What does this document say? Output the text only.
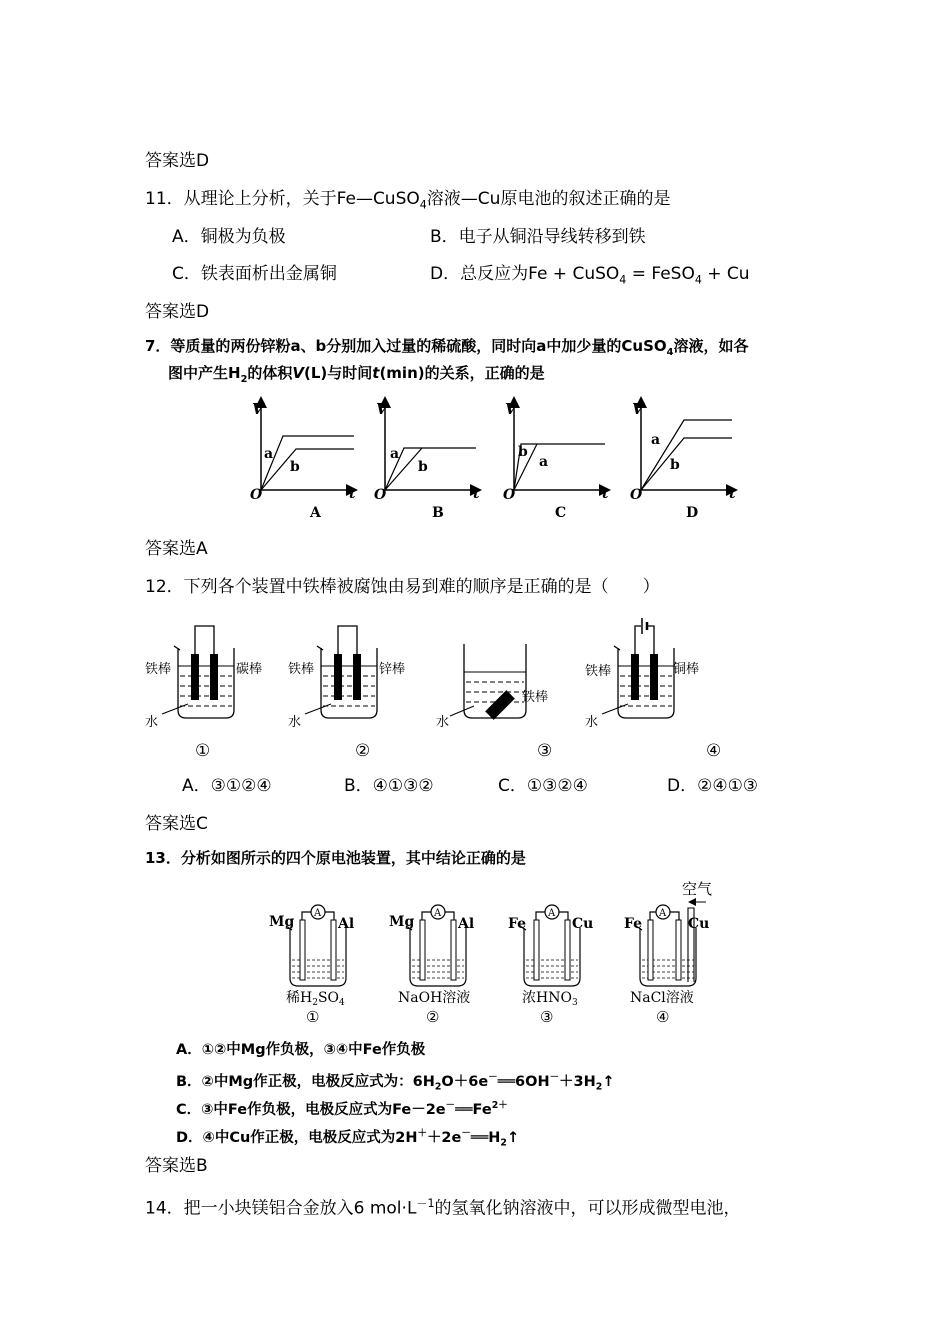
答案选D
11．从理论上分析，关于Fe—CuSO$_4$溶液—Cu原电池的叙述正确的是
A．铜极为负极	B．电子从铜沿导线转移到铁
C．铁表面析出金属铜	D．总反应为Fe + CuSO$_4$ = FeSO$_4$ + Cu
答案选D
7．等质量的两份锌粉a、b分别加入过量的稀硫酸，同时向a中加少量的CuSO$_4$溶液，如各
图中产生$H_2$的体积V(L)与时间t(min)的关系，正确的是
V
t
O
a
b
A
V
t
O
a
b
B
V
t
O
b
a
C
V
t
O
a
b
D
答案选A
12．下列各个装置中铁棒被腐蚀由易到难的顺序是正确的是（　　）
铁棒	碳棒
水
①
铁棒	锌棒
水
②
铁棒
水
③
铁棒	铜棒
水
④
A．③①②④	B．④①③②	C．①③②④	D．②④①③
答案选C
13．分析如图所示的四个原电池装置，其中结论正确的是
A
Mg	Al
稀$H_2SO_4$
①
A
Mg	Al
NaOH溶液
②
A
Fe	Cu
浓$HNO_3$
③
A
空气
Fe	Cu
NaCl溶液
④
A．①②中Mg作负极，③④中Fe作负极
B．②中Mg作正极，电极反应式为：$6H_2O+6e^-══6OH^-+3H_2↑$
C．③中Fe作负极，电极反应式为$Fe-2e^-══Fe^{2+}$
D．④中Cu作正极，电极反应式为$2H^++2e^-══H_2↑$
答案选B
14．把一小块镁铝合金放入6 $mol\cdot L^{-1}$的氢氧化钠溶液中，可以形成微型电池，
